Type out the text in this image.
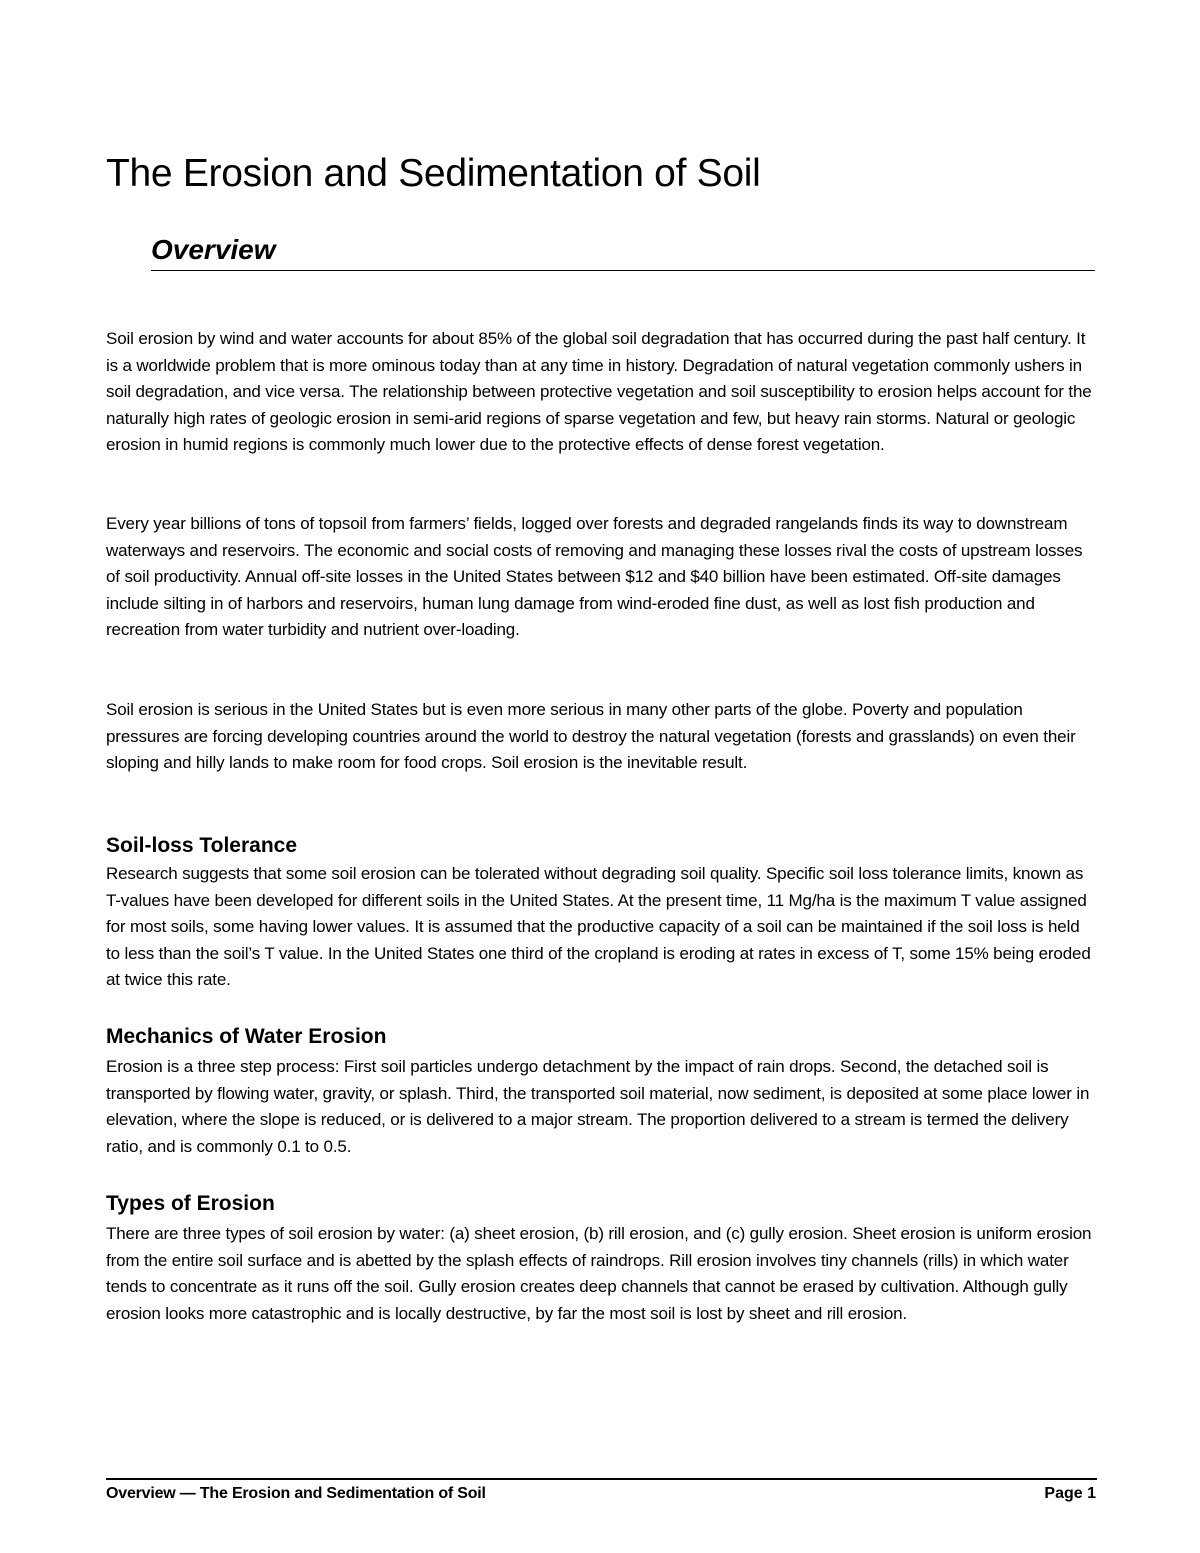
The Erosion and Sedimentation of Soil
Overview

Soil erosion by wind and water accounts for about 85% of the global soil degradation that has occurred during the past half century. It is a worldwide problem that is more ominous today than at any time in history. Degradation of natural vegetation commonly ushers in soil degradation, and vice versa. The relationship between protective vegetation and soil susceptibility to erosion helps account for the naturally high rates of geologic erosion in semi-arid regions of sparse vegetation and few, but heavy rain storms. Natural or geologic erosion in humid regions is commonly much lower due to the protective effects of dense forest vegetation.

Every year billions of tons of topsoil from farmers’ fields, logged over forests and degraded rangelands finds its way to downstream waterways and reservoirs. The economic and social costs of removing and managing these losses rival the costs of upstream losses of soil productivity. Annual off-site losses in the United States between $12 and $40 billion have been estimated. Off-site damages include silting in of harbors and reservoirs, human lung damage from wind-eroded fine dust, as well as lost fish production and recreation from water turbidity and nutrient over-loading.

Soil erosion is serious in the United States but is even more serious in many other parts of the globe. Poverty and population pressures are forcing developing countries around the world to destroy the natural vegetation (forests and grasslands) on even their sloping and hilly lands to make room for food crops. Soil erosion is the inevitable result.

Soil-loss Tolerance

Research suggests that some soil erosion can be tolerated without degrading soil quality. Specific soil loss tolerance limits, known as T-values have been developed for different soils in the United States. At the present time, 11 Mg/ha is the maximum T value assigned for most soils, some having lower values. It is assumed that the productive capacity of a soil can be maintained if the soil loss is held to less than the soil’s T value. In the United States one third of the cropland is eroding at rates in excess of T, some 15% being eroded at twice this rate.

Mechanics of Water Erosion

Erosion is a three step process: First soil particles undergo detachment by the impact of rain drops. Second, the detached soil is transported by flowing water, gravity, or splash. Third, the transported soil material, now sediment, is deposited at some place lower in elevation, where the slope is reduced, or is delivered to a major stream. The proportion delivered to a stream is termed the delivery ratio, and is commonly 0.1 to 0.5.

Types of Erosion

There are three types of soil erosion by water: (a) sheet erosion, (b) rill erosion, and (c) gully erosion. Sheet erosion is uniform erosion from the entire soil surface and is abetted by the splash effects of raindrops. Rill erosion involves tiny channels (rills) in which water tends to concentrate as it runs off the soil. Gully erosion creates deep channels that cannot be erased by cultivation. Although gully erosion looks more catastrophic and is locally destructive, by far the most soil is lost by sheet and rill erosion.

Overview — The Erosion and Sedimentation of Soil	Page 1
